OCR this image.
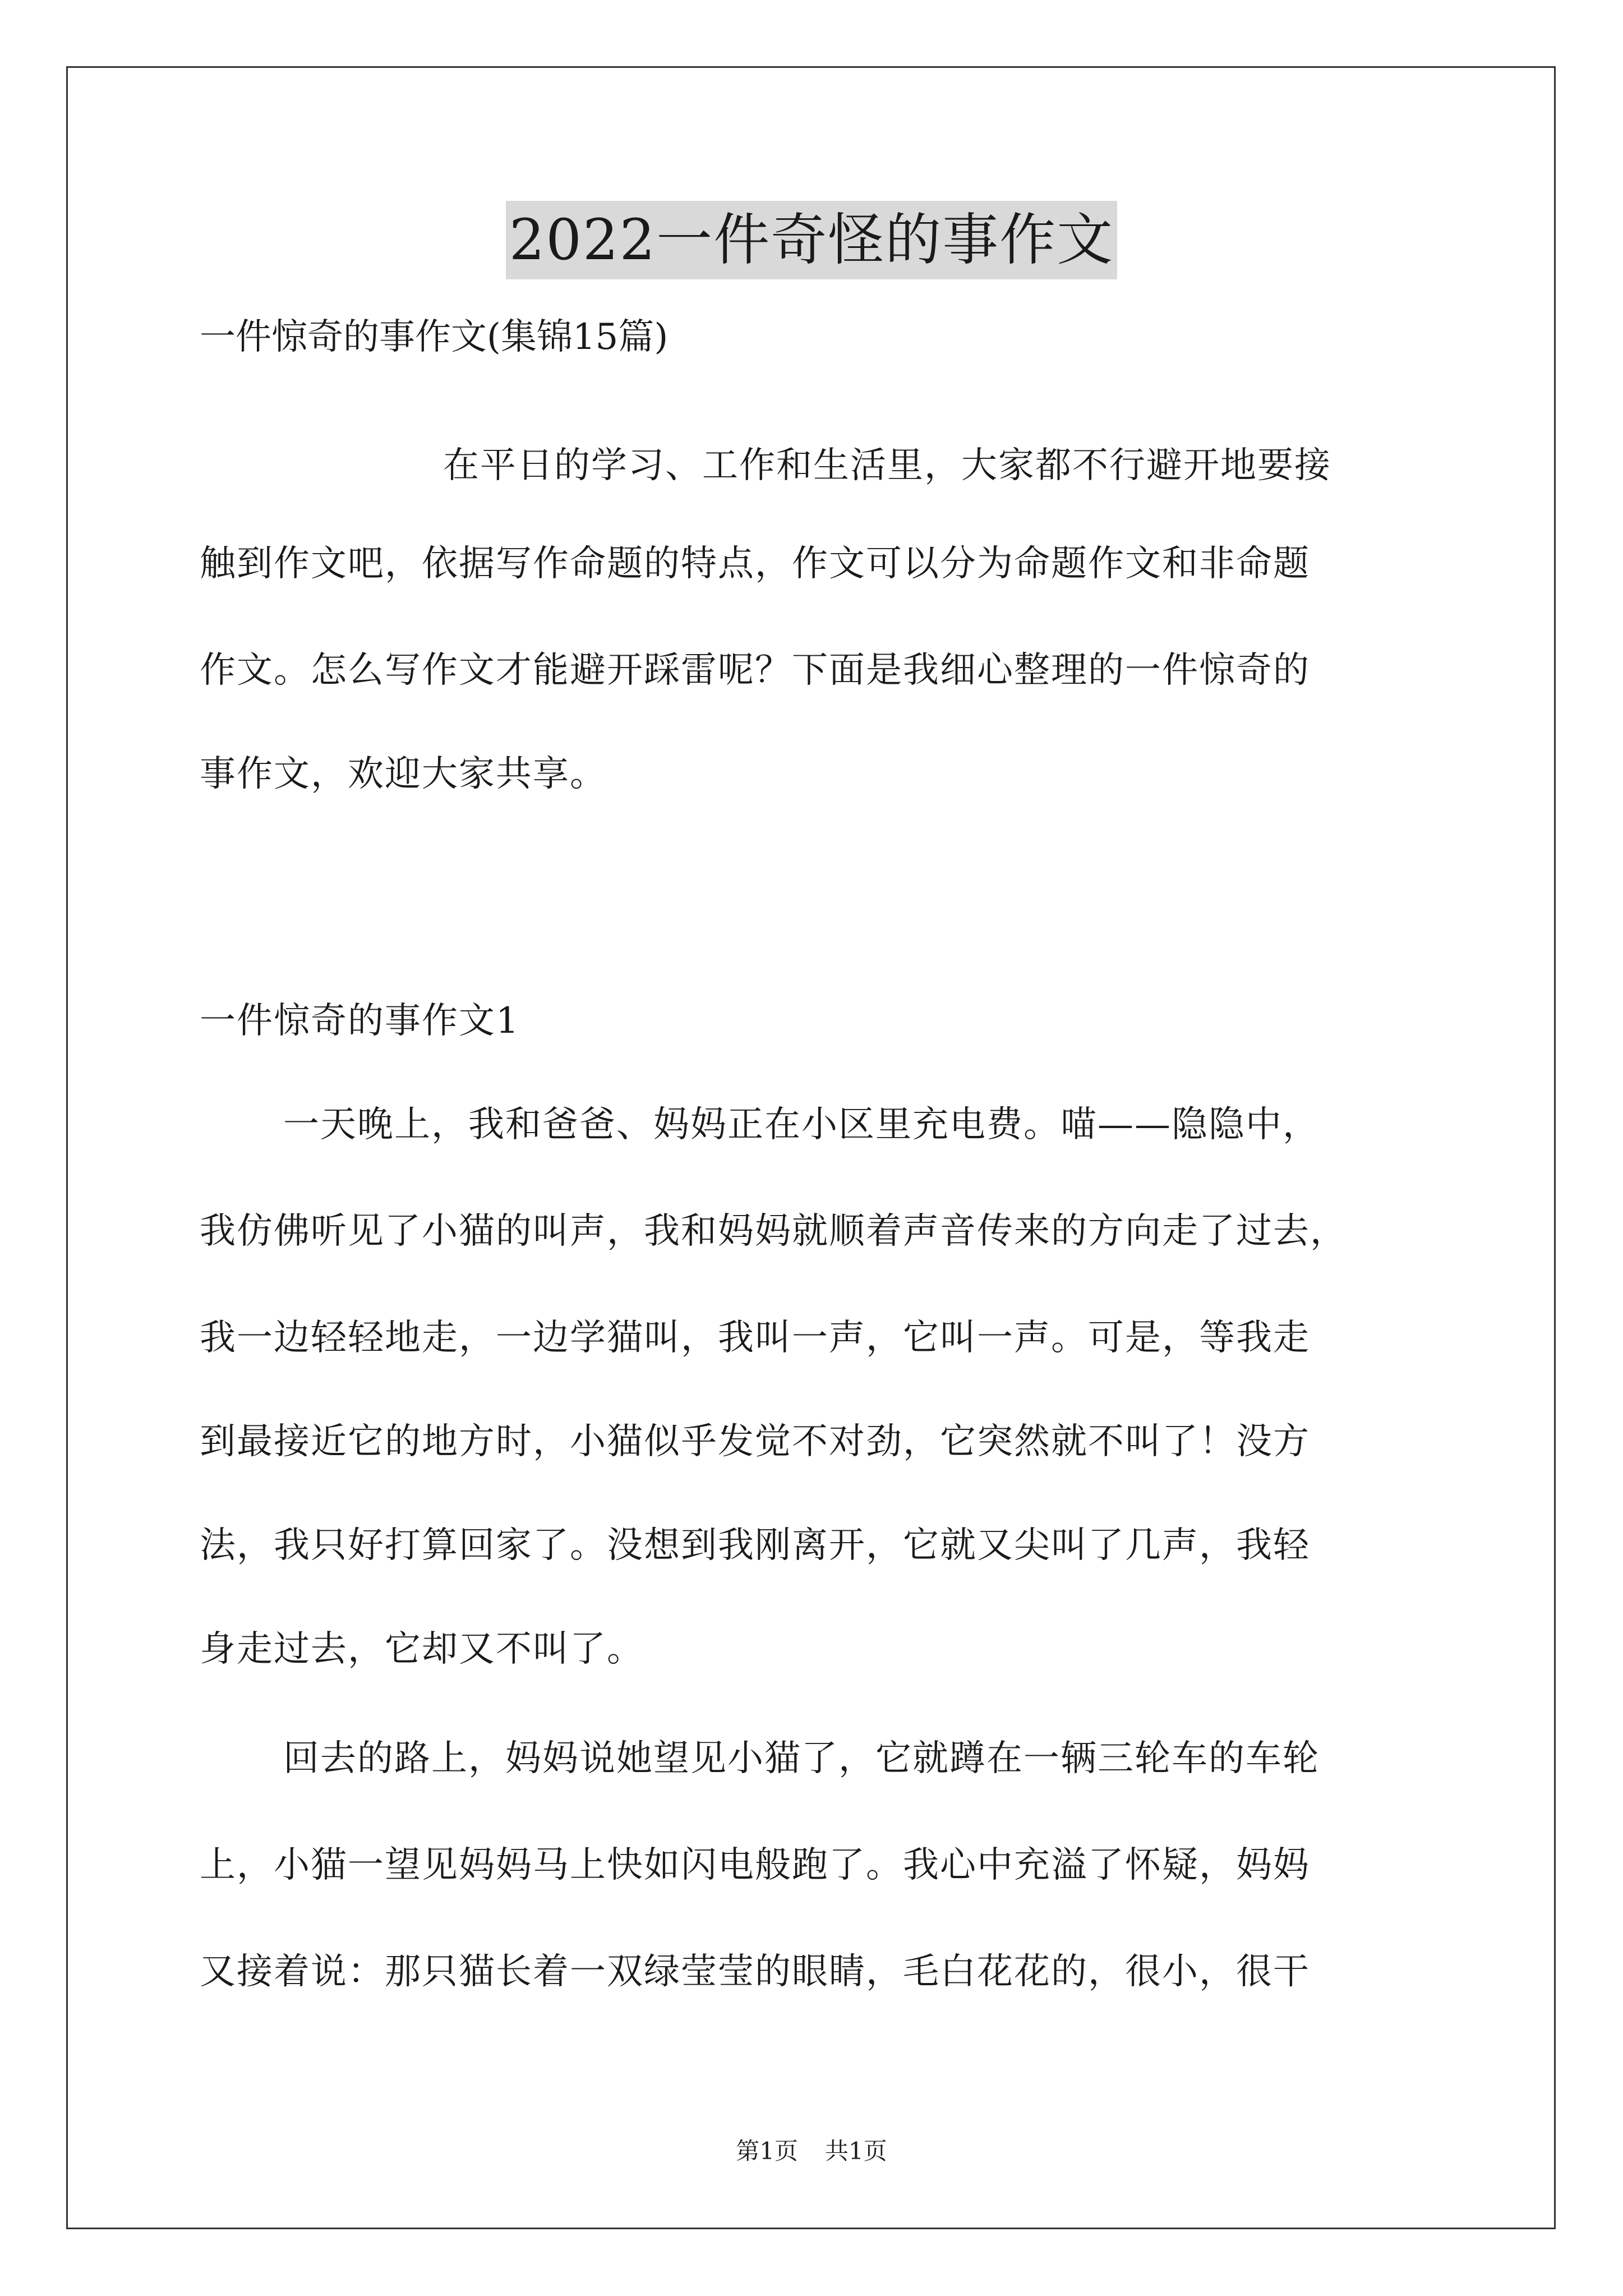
2022一件奇怪的事作文
一件惊奇的事作文(集锦15篇)
在平日的学习、工作和生活里，大家都不行避开地要接
触到作文吧，依据写作命题的特点，作文可以分为命题作文和非命题
作文。怎么写作文才能避开踩雷呢？下面是我细心整理的一件惊奇的
事作文，欢迎大家共享。
一件惊奇的事作文1
一天晚上，我和爸爸、妈妈正在小区里充电费。喵——隐隐中，
我仿佛听见了小猫的叫声，我和妈妈就顺着声音传来的方向走了过去，
我一边轻轻地走，一边学猫叫，我叫一声，它叫一声。可是，等我走
到最接近它的地方时，小猫似乎发觉不对劲，它突然就不叫了！没方
法，我只好打算回家了。没想到我刚离开，它就又尖叫了几声，我轻
身走过去，它却又不叫了。
回去的路上，妈妈说她望见小猫了，它就蹲在一辆三轮车的车轮
上，小猫一望见妈妈马上快如闪电般跑了。我心中充溢了怀疑，妈妈
又接着说：那只猫长着一双绿莹莹的眼睛，毛白花花的，很小，很干
第1页 共1页
